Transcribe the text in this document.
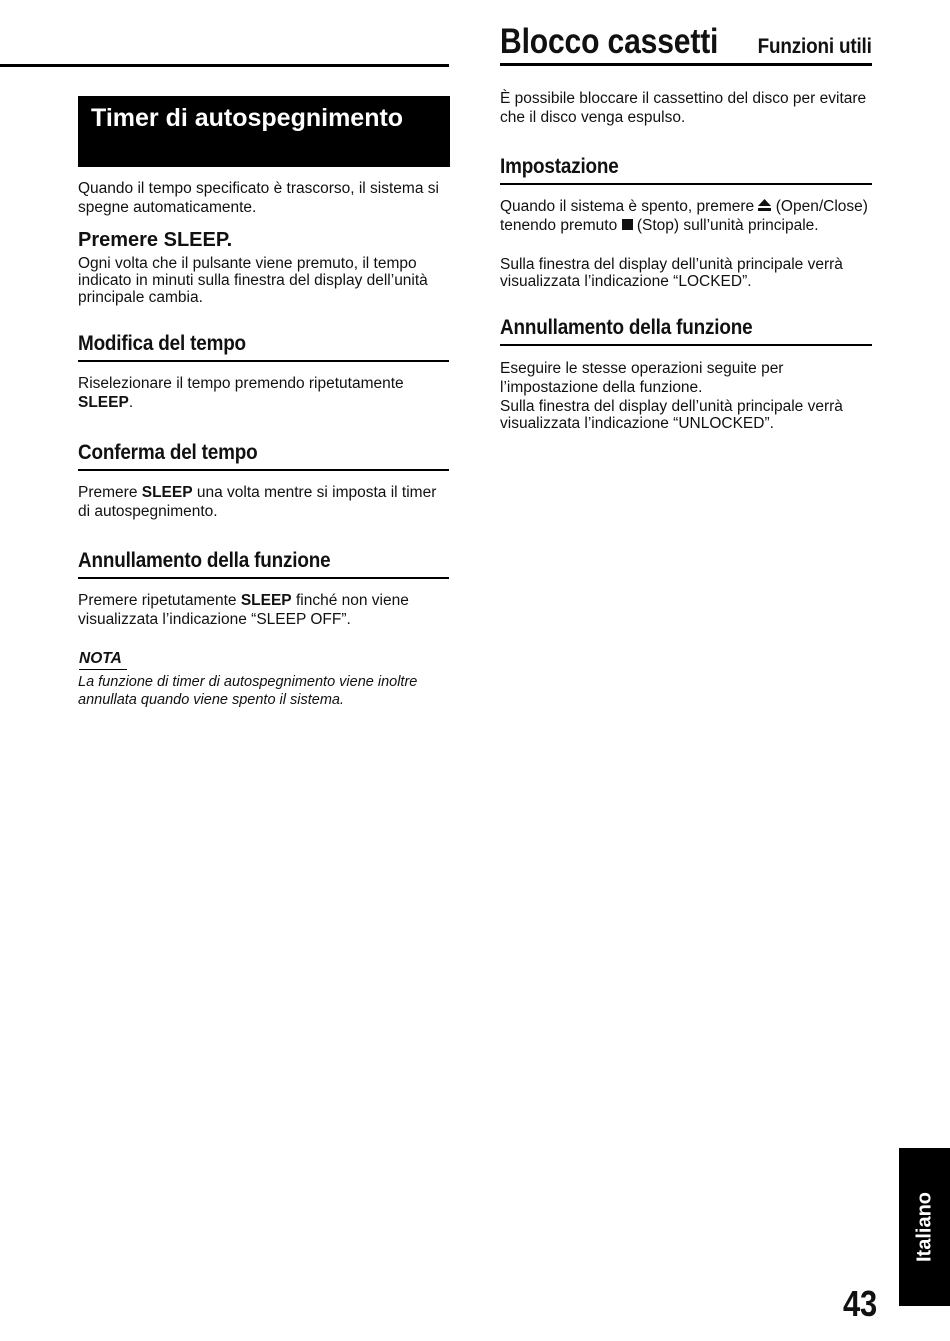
Blocco cassetti Funzioni utili
Timer di autospegnimento
Quando il tempo specificato è trascorso, il sistema si spegne automaticamente.
Premere SLEEP.
Ogni volta che il pulsante viene premuto, il tempo indicato in minuti sulla finestra del display dell’unità principale cambia.
Modifica del tempo
Riselezionare il tempo premendo ripetutamente SLEEP.
Conferma del tempo
Premere SLEEP una volta mentre si imposta il timer di autospegnimento.
Annullamento della funzione
Premere ripetutamente SLEEP finché non viene visualizzata l’indicazione “SLEEP OFF”.
NOTA
La funzione di timer di autospegnimento viene inoltre annullata quando viene spento il sistema.
È possibile bloccare il cassettino del disco per evitare che il disco venga espulso.
Impostazione
Quando il sistema è spento, premere  (Open/Close) tenendo premuto  (Stop) sull’unità principale.
Sulla finestra del display dell’unità principale verrà visualizzata l’indicazione “LOCKED”.
Annullamento della funzione
Eseguire le stesse operazioni seguite per l’impostazione della funzione.
Sulla finestra del display dell’unità principale verrà visualizzata l’indicazione “UNLOCKED”.
Italiano
43
